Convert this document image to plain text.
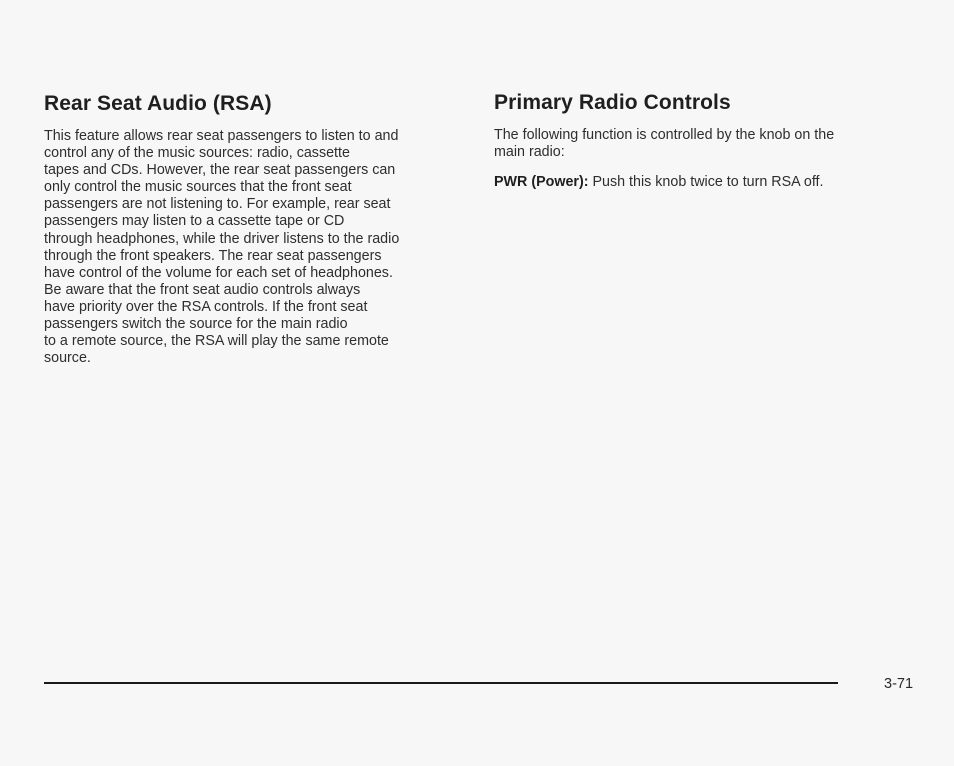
Rear Seat Audio (RSA)

This feature allows rear seat passengers to listen to and
control any of the music sources: radio, cassette
tapes and CDs. However, the rear seat passengers can
only control the music sources that the front seat
passengers are not listening to. For example, rear seat
passengers may listen to a cassette tape or CD
through headphones, while the driver listens to the radio
through the front speakers. The rear seat passengers
have control of the volume for each set of headphones.
Be aware that the front seat audio controls always
have priority over the RSA controls. If the front seat
passengers switch the source for the main radio
to a remote source, the RSA will play the same remote
source.

Primary Radio Controls

The following function is controlled by the knob on the
main radio:

PWR (Power): Push this knob twice to turn RSA off.

3-71
